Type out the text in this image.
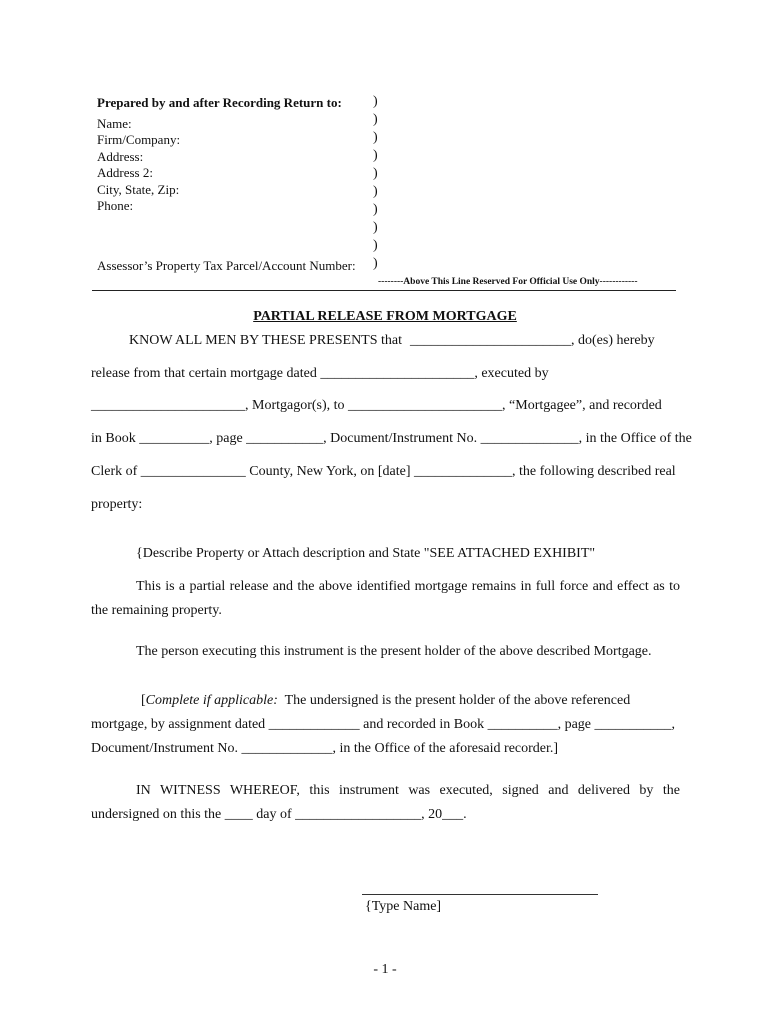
Prepared by and after Recording Return to:
Name:
Firm/Company:
Address:
Address 2:
City, State, Zip:
Phone:
Assessor’s Property Tax Parcel/Account Number:
)
)
)
)
)
)
)
)
)
)
--------Above This Line Reserved For Official Use Only------------
PARTIAL RELEASE FROM MORTGAGE
KNOW ALL MEN BY THESE PRESENTS that _______________________, do(es) hereby
release from that certain mortgage dated ______________________, executed by
______________________, Mortgagor(s), to ______________________, “Mortgagee”, and recorded
in Book __________, page ___________, Document/Instrument No. ______________, in the Office of the
Clerk of _______________ County, New York, on [date] ______________, the following described real
property:
{Describe Property or Attach description and State "SEE ATTACHED EXHIBIT"
This is a partial release and the above identified mortgage remains in full force and effect as to
the remaining property.
The person executing this instrument is the present holder of the above described Mortgage.
[Complete if applicable:  The undersigned is the present holder of the above referenced
mortgage, by assignment dated _____________ and recorded in Book __________, page ___________,
Document/Instrument No. _____________, in the Office of the aforesaid recorder.]
IN WITNESS WHEREOF, this instrument was executed, signed and delivered by the
undersigned on this the ____ day of __________________, 20___.
{Type Name]
- 1 -
